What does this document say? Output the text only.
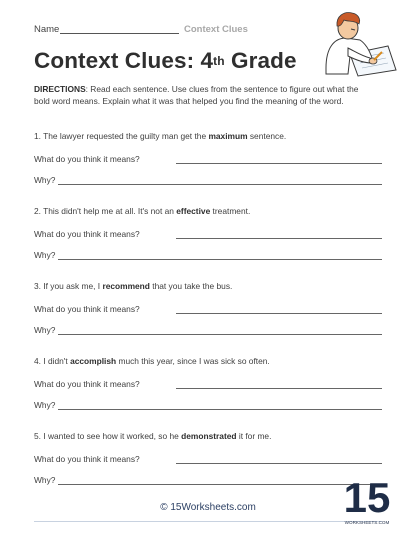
Name	Context Clues
Context Clues: 4th Grade
DIRECTIONS: Read each sentence. Use clues from the sentence to figure out what the bold word means. Explain what it was that helped you find the meaning of the word.
1. The lawyer requested the guilty man get the maximum sentence.
What do you think it means?
Why?
2. This didn't help me at all. It's not an effective treatment.
What do you think it means?
Why?
3. If you ask me, I recommend that you take the bus.
What do you think it means?
Why?
4. I didn't accomplish much this year, since I was sick so often.
What do you think it means?
Why?
5. I wanted to see how it worked, so he demonstrated it for me.
What do you think it means?
Why?
© 15Worksheets.com	15
WORKSHEETS.COM
